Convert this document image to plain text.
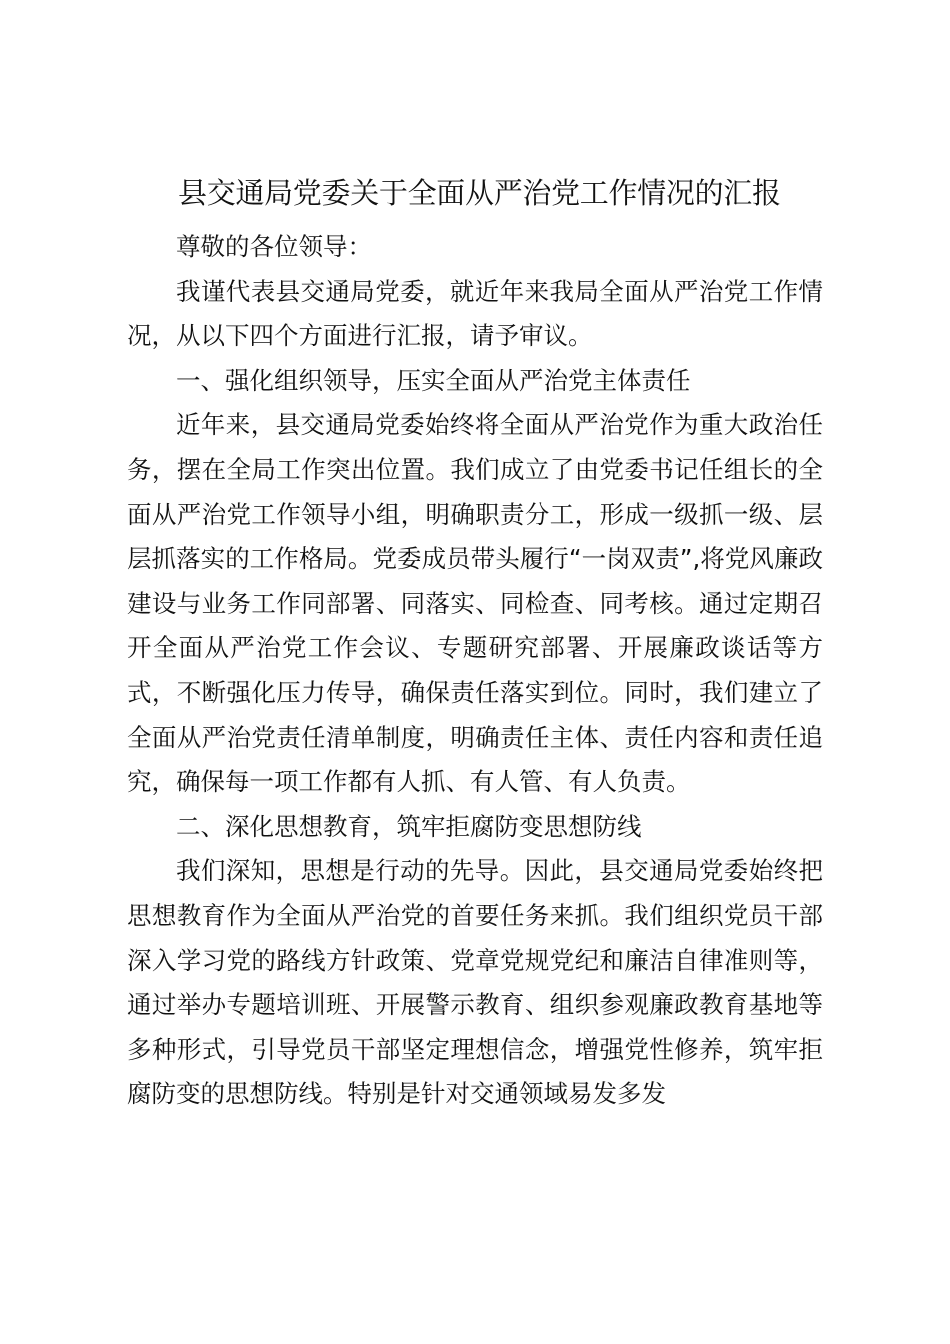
县交通局党委关于全面从严治党工作情况的汇报

尊敬的各位领导：

我谨代表县交通局党委，就近年来我局全面从严治党工作情况，从以下四个方面进行汇报，请予审议。

一、强化组织领导，压实全面从严治党主体责任

近年来，县交通局党委始终将全面从严治党作为重大政治任务，摆在全局工作突出位置。我们成立了由党委书记任组长的全面从严治党工作领导小组，明确职责分工，形成一级抓一级、层层抓落实的工作格局。党委成员带头履行“一岗双责”,将党风廉政建设与业务工作同部署、同落实、同检查、同考核。通过定期召开全面从严治党工作会议、专题研究部署、开展廉政谈话等方式，不断强化压力传导，确保责任落实到位。同时，我们建立了全面从严治党责任清单制度，明确责任主体、责任内容和责任追究，确保每一项工作都有人抓、有人管、有人负责。

二、深化思想教育，筑牢拒腐防变思想防线

我们深知，思想是行动的先导。因此，县交通局党委始终把思想教育作为全面从严治党的首要任务来抓。我们组织党员干部深入学习党的路线方针政策、党章党规党纪和廉洁自律准则等，通过举办专题培训班、开展警示教育、组织参观廉政教育基地等多种形式，引导党员干部坚定理想信念，增强党性修养，筑牢拒腐防变的思想防线。特别是针对交通领域易发多发
